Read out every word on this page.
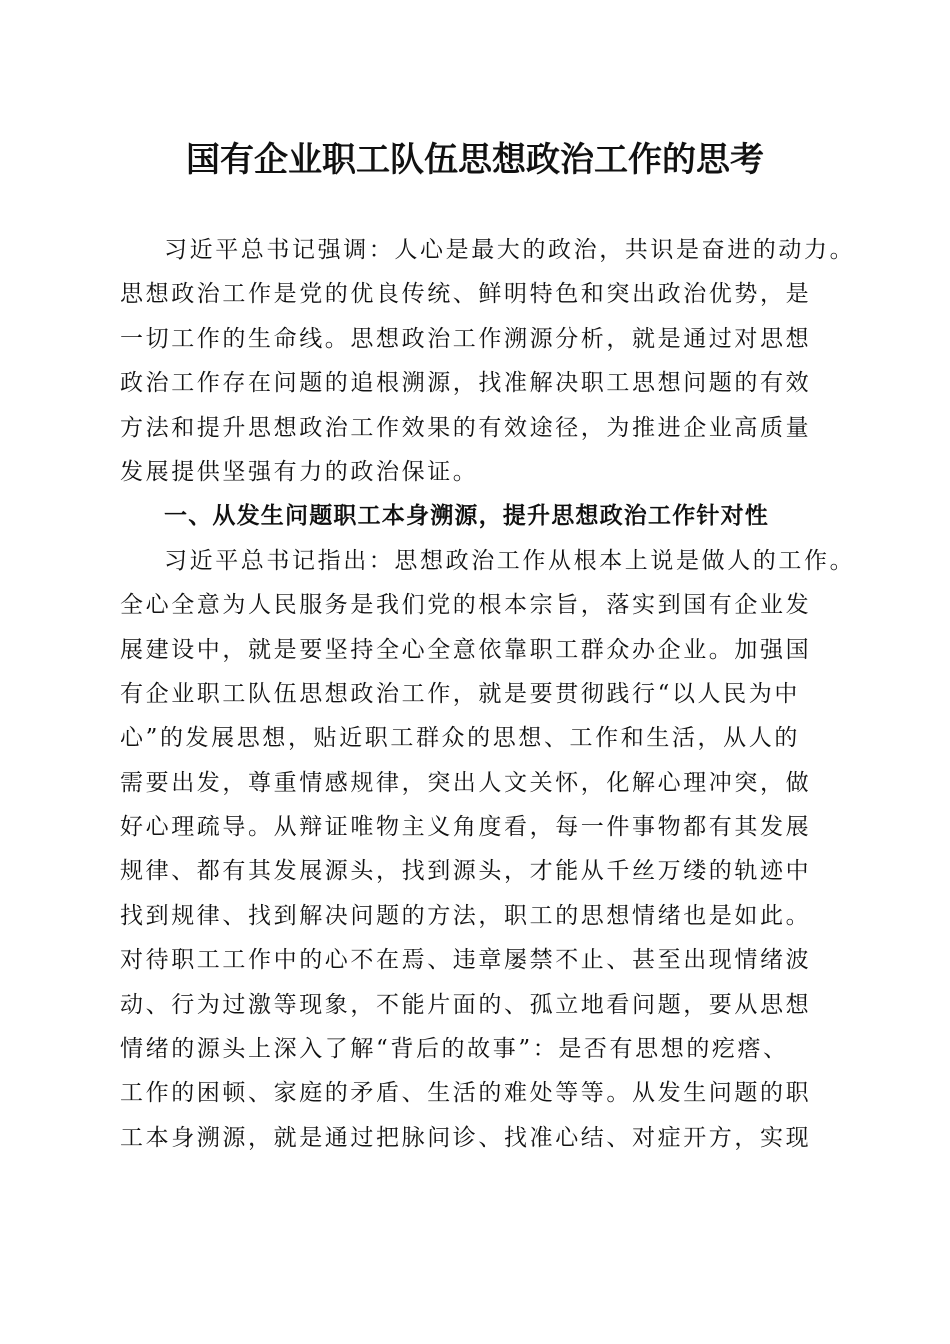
国有企业职工队伍思想政治工作的思考
习近平总书记强调：人心是最大的政治，共识是奋进的动力。
思想政治工作是党的优良传统、鲜明特色和突出政治优势，是
一切工作的生命线。思想政治工作溯源分析，就是通过对思想
政治工作存在问题的追根溯源，找准解决职工思想问题的有效
方法和提升思想政治工作效果的有效途径，为推进企业高质量
发展提供坚强有力的政治保证。
一、从发生问题职工本身溯源，提升思想政治工作针对性
习近平总书记指出：思想政治工作从根本上说是做人的工作。
全心全意为人民服务是我们党的根本宗旨，落实到国有企业发
展建设中，就是要坚持全心全意依靠职工群众办企业。加强国
有企业职工队伍思想政治工作，就是要贯彻践行“以人民为中
心”的发展思想，贴近职工群众的思想、工作和生活，从人的
需要出发，尊重情感规律，突出人文关怀，化解心理冲突，做
好心理疏导。从辩证唯物主义角度看，每一件事物都有其发展
规律、都有其发展源头，找到源头，才能从千丝万缕的轨迹中
找到规律、找到解决问题的方法，职工的思想情绪也是如此。
对待职工工作中的心不在焉、违章屡禁不止、甚至出现情绪波
动、行为过激等现象，不能片面的、孤立地看问题，要从思想
情绪的源头上深入了解“背后的故事”：是否有思想的疙瘩、
工作的困顿、家庭的矛盾、生活的难处等等。从发生问题的职
工本身溯源，就是通过把脉问诊、找准心结、对症开方，实现
